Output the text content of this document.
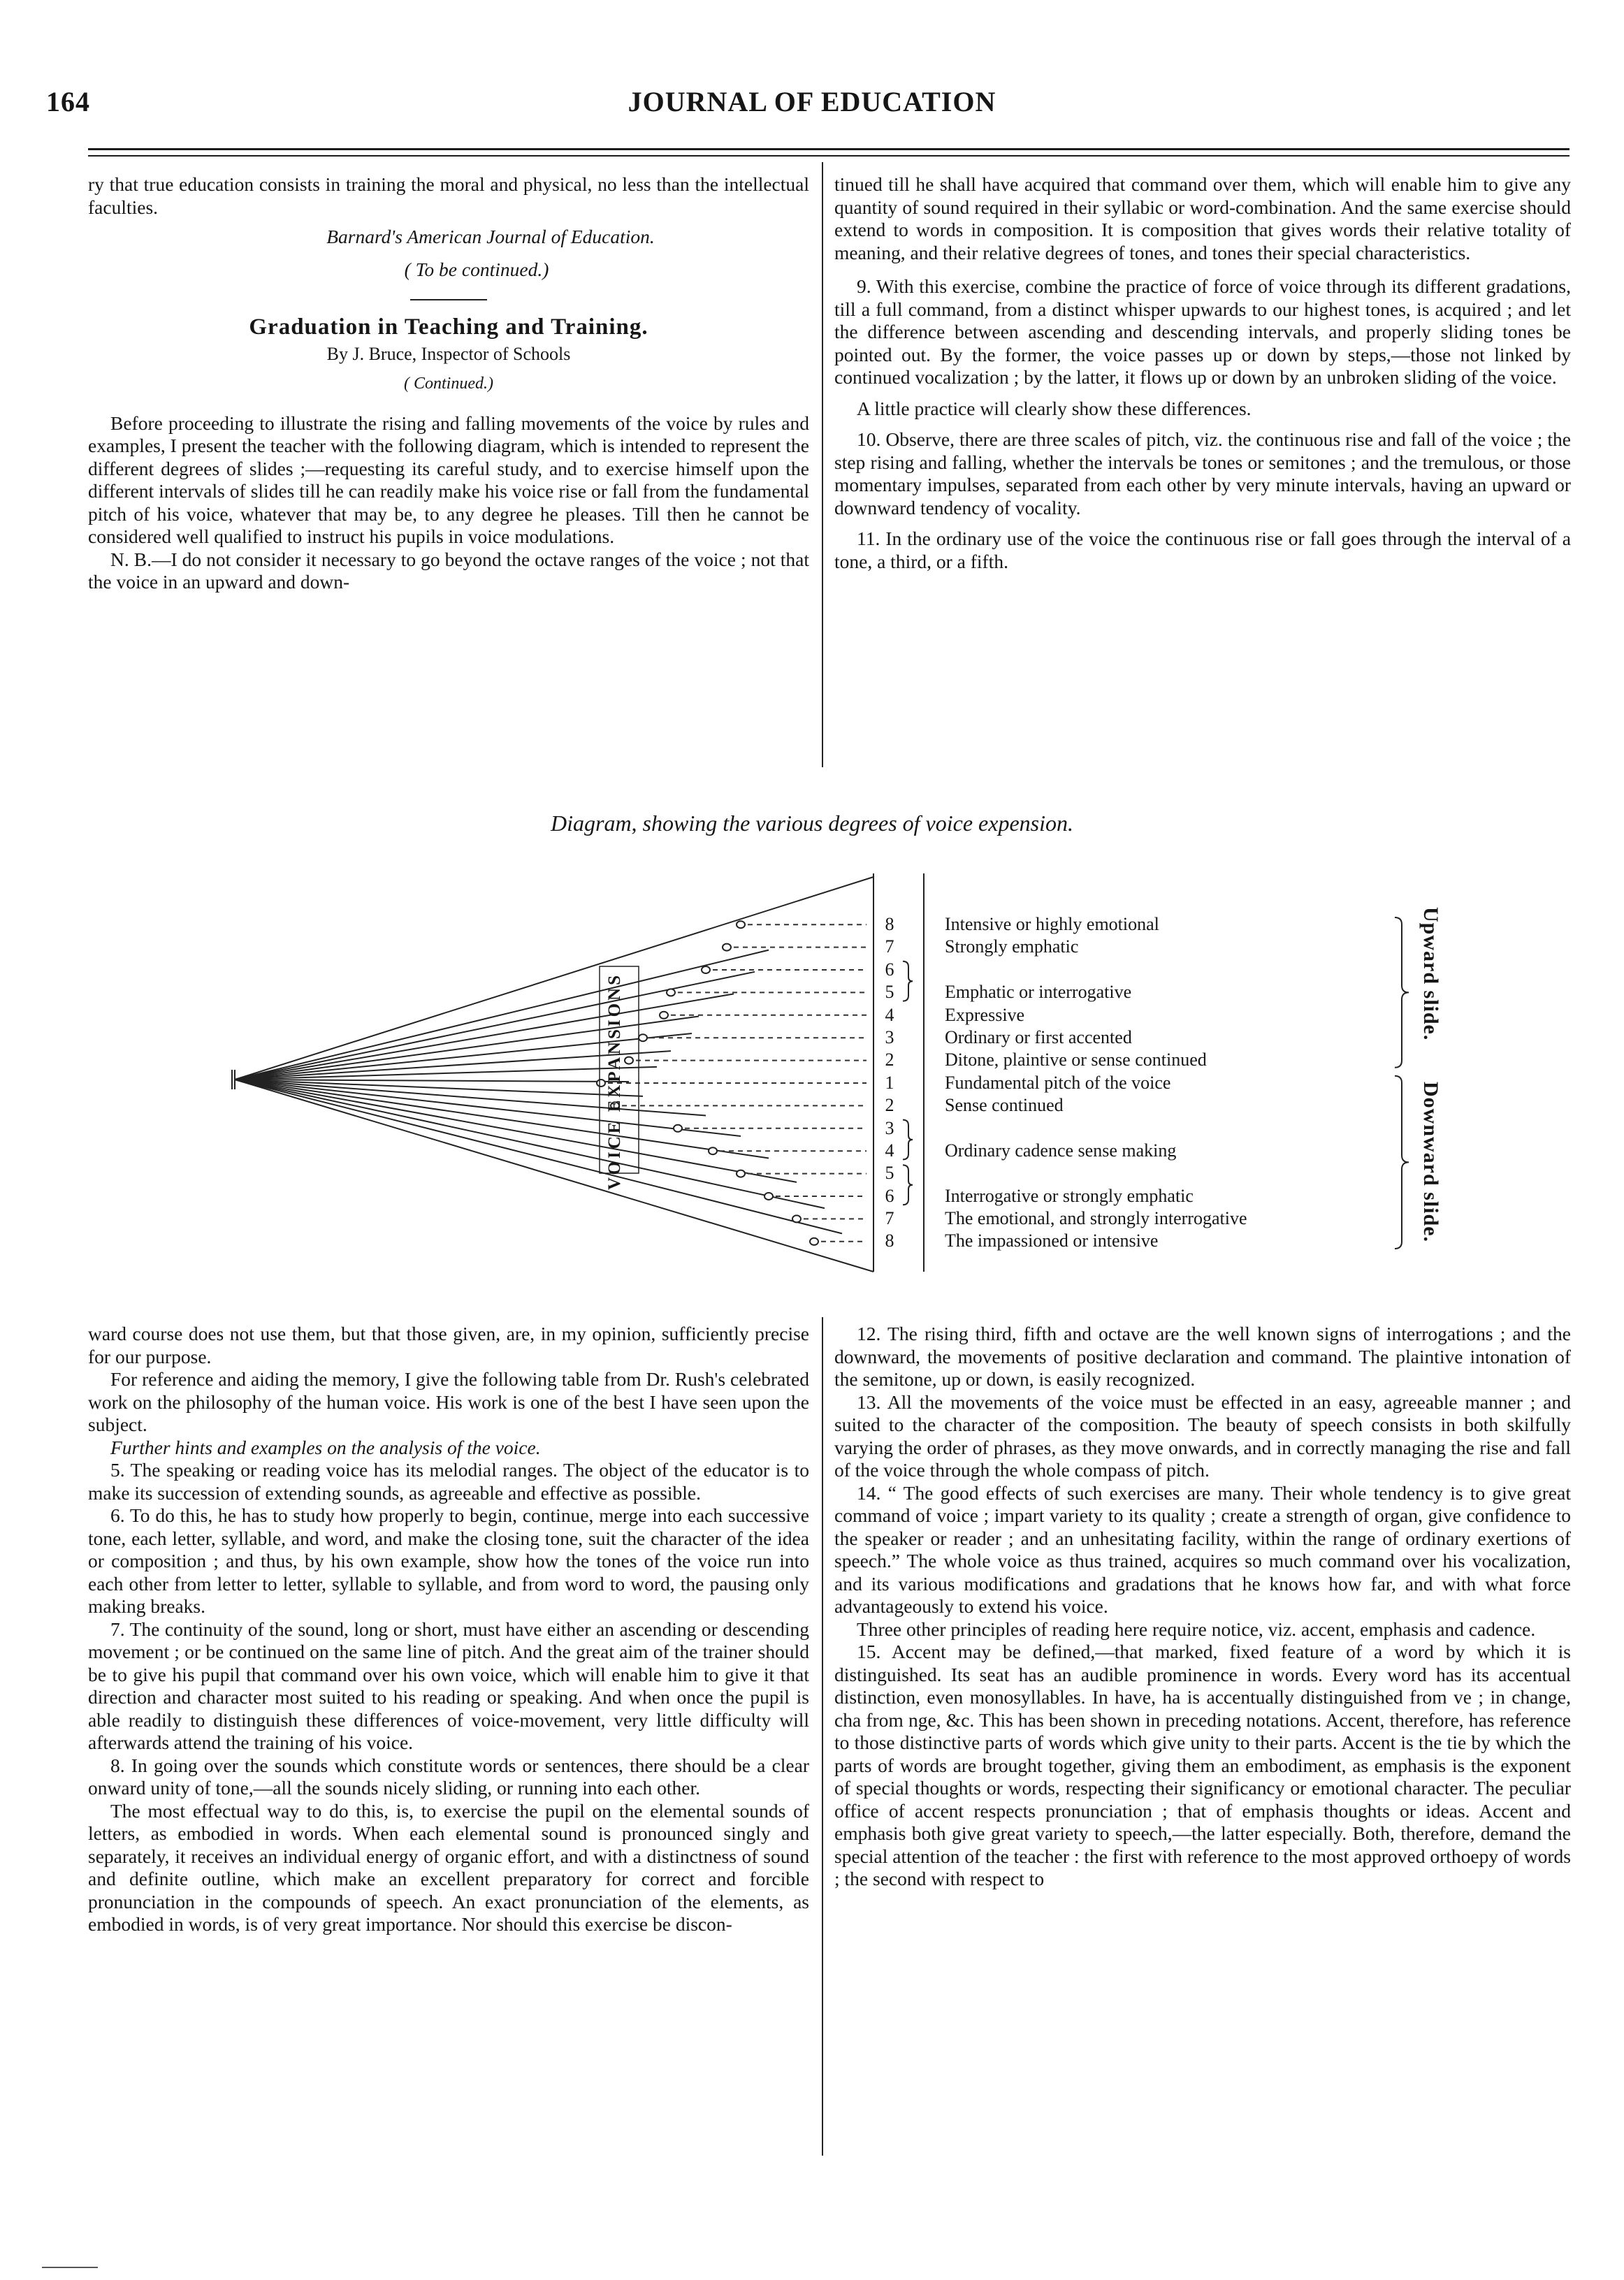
164	JOURNAL OF EDUCATION

ry that true education consists in training the moral and physical, no less than the intellectual faculties.

Barnard's American Journal of Education.

( To be continued.)

Graduation in Teaching and Training.

By J. Bruce, Inspector of Schools

( Continued.)

Before proceeding to illustrate the rising and falling movements of the voice by rules and examples, I present the teacher with the following diagram, which is intended to represent the different degrees of slides ;—requesting its careful study, and to exercise himself upon the different intervals of slides till he can readily make his voice rise or fall from the fundamental pitch of his voice, whatever that may be, to any degree he pleases. Till then he cannot be considered well qualified to instruct his pupils in voice modulations.

N. B.—I do not consider it necessary to go beyond the octave ranges of the voice ; not that the voice in an upward and down-

tinued till he shall have acquired that command over them, which will enable him to give any quantity of sound required in their syllabic or word-combination. And the same exercise should extend to words in composition. It is composition that gives words their relative totality of meaning, and their relative degrees of tones, and tones their special characteristics.

9. With this exercise, combine the practice of force of voice through its different gradations, till a full command, from a distinct whisper upwards to our highest tones, is acquired ; and let the difference between ascending and descending intervals, and properly sliding tones be pointed out. By the former, the voice passes up or down by steps,—those not linked by continued vocalization ; by the latter, it flows up or down by an unbroken sliding of the voice.

A little practice will clearly show these differences.

10. Observe, there are three scales of pitch, viz. the continuous rise and fall of the voice ; the step rising and falling, whether the intervals be tones or semitones ; and the tremulous, or those momentary impulses, separated from each other by very minute intervals, having an upward or downward tendency of vocality.

11. In the ordinary use of the voice the continuous rise or fall goes through the interval of a tone, a third, or a fifth.

Diagram, showing the various degrees of voice expension.
VOICE EXPANSIONS
8
7
6
5
4
3
2
1
2
3
4
5
6
7
8
Intensive or highly emotional
Strongly emphatic
Emphatic or interrogative
Expressive
Ordinary or first accented
Ditone, plaintive or sense continued
Fundamental pitch of the voice
Sense continued
Ordinary cadence sense making
Interrogative or strongly emphatic
The emotional, and strongly interrogative
The impassioned or intensive
Upward slide.
Downward slide.

ward course does not use them, but that those given, are, in my opinion, sufficiently precise for our purpose.

For reference and aiding the memory, I give the following table from Dr. Rush's celebrated work on the philosophy of the human voice. His work is one of the best I have seen upon the subject.

Further hints and examples on the analysis of the voice.

5. The speaking or reading voice has its melodial ranges. The object of the educator is to make its succession of extending sounds, as agreeable and effective as possible.

6. To do this, he has to study how properly to begin, continue, merge into each successive tone, each letter, syllable, and word, and make the closing tone, suit the character of the idea or composition ; and thus, by his own example, show how the tones of the voice run into each other from letter to letter, syllable to syllable, and from word to word, the pausing only making breaks.

7. The continuity of the sound, long or short, must have either an ascending or descending movement ; or be continued on the same line of pitch. And the great aim of the trainer should be to give his pupil that command over his own voice, which will enable him to give it that direction and character most suited to his reading or speaking. And when once the pupil is able readily to distinguish these differences of voice-movement, very little difficulty will afterwards attend the training of his voice.

8. In going over the sounds which constitute words or sentences, there should be a clear onward unity of tone,—all the sounds nicely sliding, or running into each other.

The most effectual way to do this, is, to exercise the pupil on the elemental sounds of letters, as embodied in words. When each elemental sound is pronounced singly and separately, it receives an individual energy of organic effort, and with a distinctness of sound and definite outline, which make an excellent preparatory for correct and forcible pronunciation in the compounds of speech. An exact pronunciation of the elements, as embodied in words, is of very great importance. Nor should this exercise be discon-

12. The rising third, fifth and octave are the well known signs of interrogations ; and the downward, the movements of positive declaration and command. The plaintive intonation of the semitone, up or down, is easily recognized.

13. All the movements of the voice must be effected in an easy, agreeable manner ; and suited to the character of the composition. The beauty of speech consists in both skilfully varying the order of phrases, as they move onwards, and in correctly managing the rise and fall of the voice through the whole compass of pitch.

14. “ The good effects of such exercises are many. Their whole tendency is to give great command of voice ; impart variety to its quality ; create a strength of organ, give confidence to the speaker or reader ; and an unhesitating facility, within the range of ordinary exertions of speech.” The whole voice as thus trained, acquires so much command over his vocalization, and its various modifications and gradations that he knows how far, and with what force advantageously to extend his voice.

Three other principles of reading here require notice, viz. accent, emphasis and cadence.

15. Accent may be defined,—that marked, fixed feature of a word by which it is distinguished. Its seat has an audible prominence in words. Every word has its accentual distinction, even monosyllables. In have, ha is accentually distinguished from ve ; in change, cha from nge, &c. This has been shown in preceding notations. Accent, therefore, has reference to those distinctive parts of words which give unity to their parts. Accent is the tie by which the parts of words are brought together, giving them an embodiment, as emphasis is the exponent of special thoughts or words, respecting their significancy or emotional character. The peculiar office of accent respects pronunciation ; that of emphasis thoughts or ideas. Accent and emphasis both give great variety to speech,—the latter especially. Both, therefore, demand the special attention of the teacher : the first with reference to the most approved orthoepy of words ; the second with respect to
